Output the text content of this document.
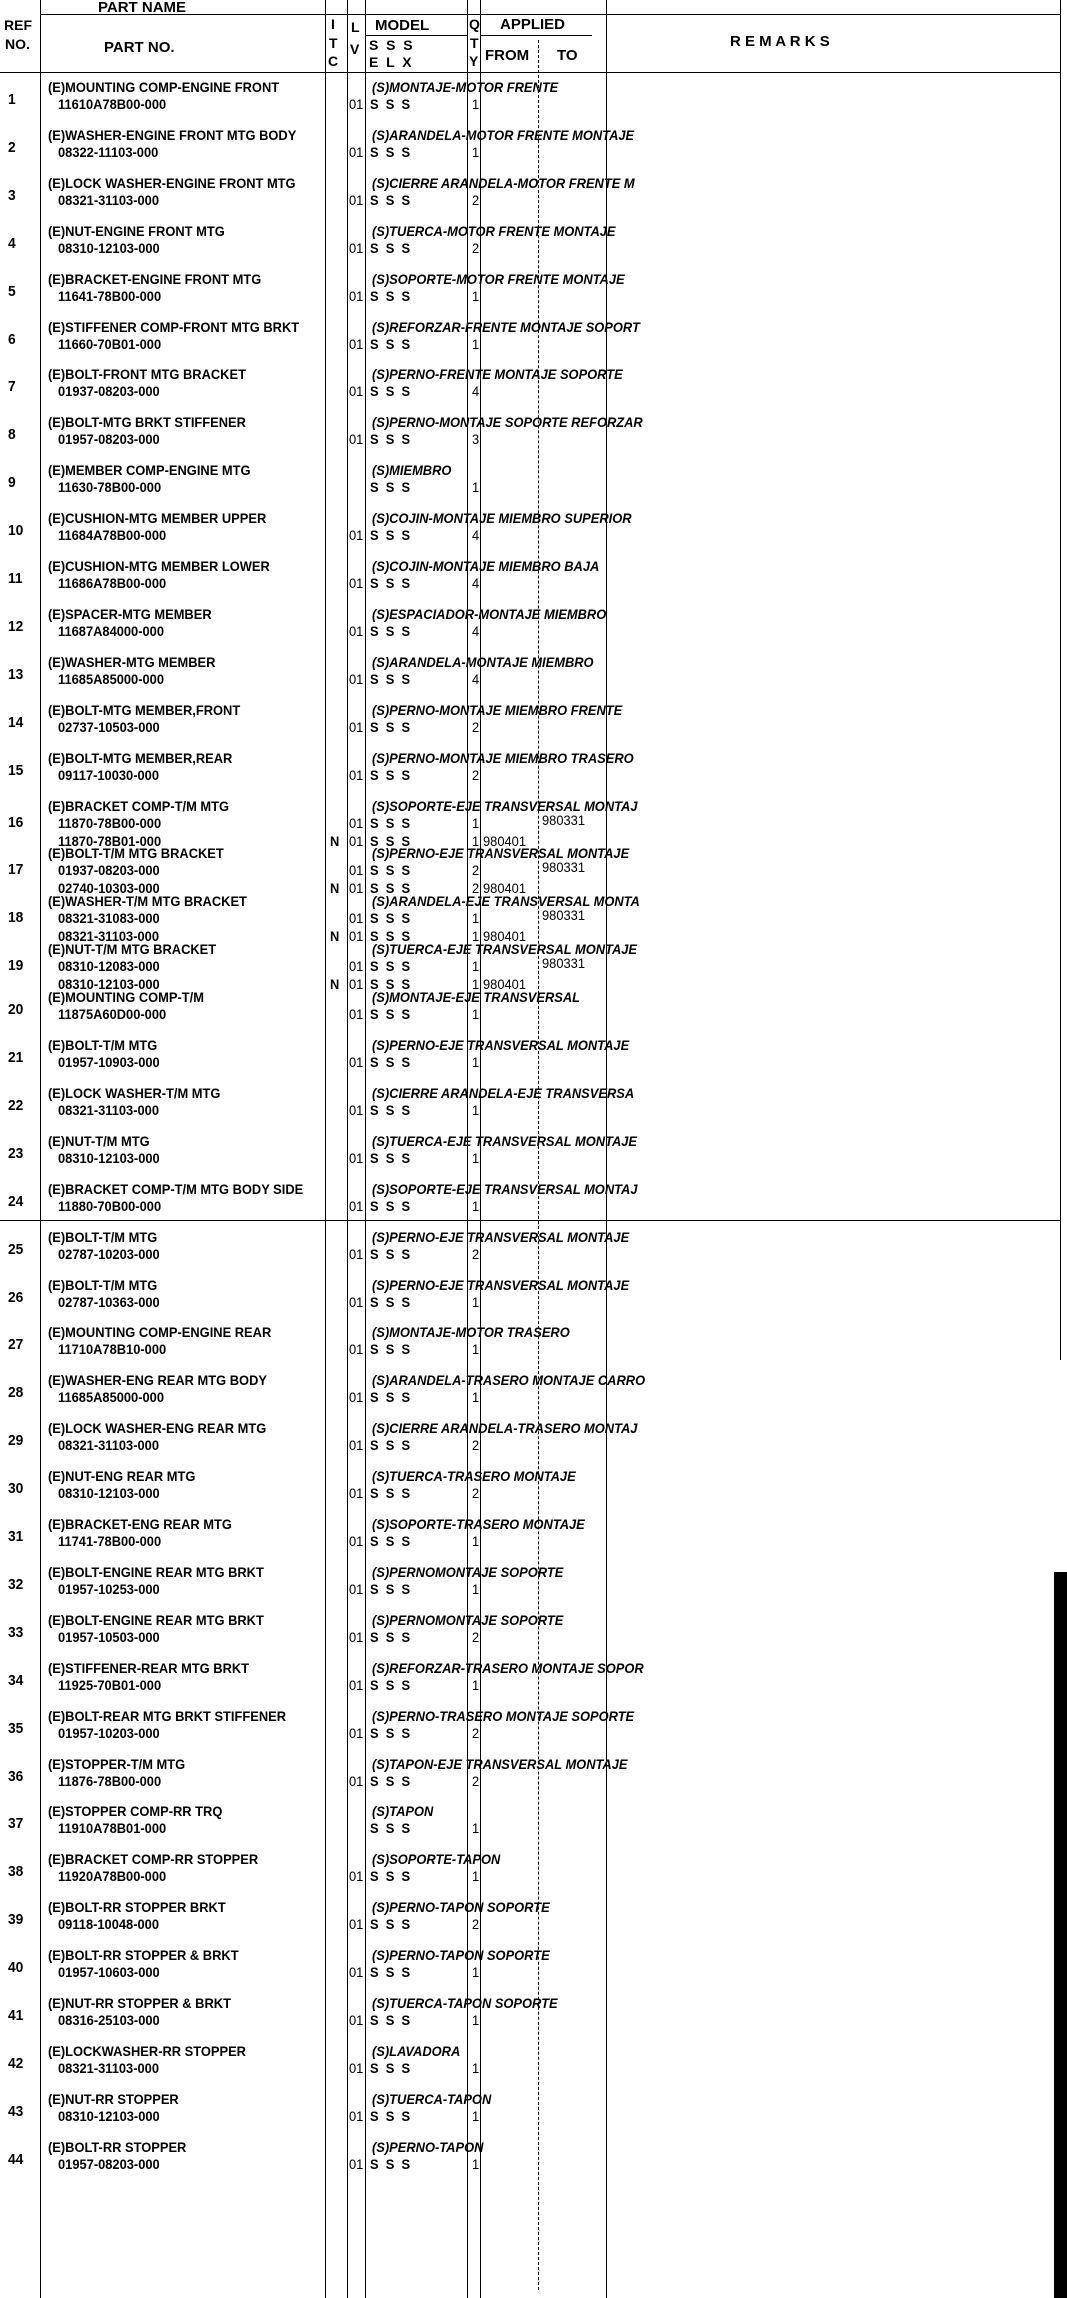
PART NAME
REF
NO.	PART NO.
I
T
C
L
V
MODEL
S  S  S
E  L  X
Q
T
Y
APPLIED
FROM TO
R E M A R K S
1
(E)MOUNTING COMP-ENGINE FRONT
11610A78B00-000
(S)MONTAJE-MOTOR FRENTE
01 S  S  S	1
2
(E)WASHER-ENGINE FRONT MTG BODY
08322-11103-000
(S)ARANDELA-MOTOR FRENTE MONTAJE
01 S  S  S	1
3
(E)LOCK WASHER-ENGINE FRONT MTG
08321-31103-000
(S)CIERRE ARANDELA-MOTOR FRENTE M
01 S  S  S	2
4
(E)NUT-ENGINE FRONT MTG
08310-12103-000
(S)TUERCA-MOTOR FRENTE MONTAJE
01 S  S  S	2
5
(E)BRACKET-ENGINE FRONT MTG
11641-78B00-000
(S)SOPORTE-MOTOR FRENTE MONTAJE
01 S  S  S	1
6
(E)STIFFENER COMP-FRONT MTG BRKT
11660-70B01-000
(S)REFORZAR-FRENTE MONTAJE SOPORT
01 S  S  S	1
7
(E)BOLT-FRONT MTG BRACKET
01937-08203-000
(S)PERNO-FRENTE MONTAJE SOPORTE
01 S  S  S	4
8
(E)BOLT-MTG BRKT STIFFENER
01957-08203-000
(S)PERNO-MONTAJE SOPORTE REFORZAR
01 S  S  S	3
9
(E)MEMBER COMP-ENGINE MTG
11630-78B00-000
(S)MIEMBRO
S  S  S	1
10
(E)CUSHION-MTG MEMBER UPPER
11684A78B00-000
(S)COJIN-MONTAJE MIEMBRO SUPERIOR
01 S  S  S	4
11
(E)CUSHION-MTG MEMBER LOWER
11686A78B00-000
(S)COJIN-MONTAJE MIEMBRO BAJA
01 S  S  S	4
12
(E)SPACER-MTG MEMBER
11687A84000-000
(S)ESPACIADOR-MONTAJE MIEMBRO
01 S  S  S	4
13
(E)WASHER-MTG MEMBER
11685A85000-000
(S)ARANDELA-MONTAJE MIEMBRO
01 S  S  S	4
14
(E)BOLT-MTG MEMBER,FRONT
02737-10503-000
(S)PERNO-MONTAJE MIEMBRO FRENTE
01 S  S  S	2
15
(E)BOLT-MTG MEMBER,REAR
09117-10030-000
(S)PERNO-MONTAJE MIEMBRO TRASERO
01 S  S  S	2
16
(E)BRACKET COMP-T/M MTG
11870-78B00-000
(S)SOPORTE-EJE TRANSVERSAL MONTAJ
01 S  S  S	1	980331
11870-78B01-000	N 01 S  S  S	1 980401
17
(E)BOLT-T/M MTG BRACKET
01937-08203-000
(S)PERNO-EJE TRANSVERSAL MONTAJE
01 S  S  S	2	980331
02740-10303-000	N 01 S  S  S	2 980401
18
(E)WASHER-T/M MTG BRACKET
08321-31083-000
(S)ARANDELA-EJE TRANSVERSAL MONTA
01 S  S  S	1	980331
08321-31103-000	N 01 S  S  S	1 980401
19
(E)NUT-T/M MTG BRACKET
08310-12083-000
(S)TUERCA-EJE TRANSVERSAL MONTAJE
01 S  S  S	1	980331
08310-12103-000	N 01 S  S  S	1 980401
20
(E)MOUNTING COMP-T/M
11875A60D00-000
(S)MONTAJE-EJE TRANSVERSAL
01 S  S  S	1
21
(E)BOLT-T/M MTG
01957-10903-000
(S)PERNO-EJE TRANSVERSAL MONTAJE
01 S  S  S	1
22
(E)LOCK WASHER-T/M MTG
08321-31103-000
(S)CIERRE ARANDELA-EJE TRANSVERSA
01 S  S  S	1
23
(E)NUT-T/M MTG
08310-12103-000
(S)TUERCA-EJE TRANSVERSAL MONTAJE
01 S  S  S	1
24
(E)BRACKET COMP-T/M MTG BODY SIDE
11880-70B00-000
(S)SOPORTE-EJE TRANSVERSAL MONTAJ
01 S  S  S	1
25
(E)BOLT-T/M MTG
02787-10203-000
(S)PERNO-EJE TRANSVERSAL MONTAJE
01 S  S  S	2
26
(E)BOLT-T/M MTG
02787-10363-000
(S)PERNO-EJE TRANSVERSAL MONTAJE
01 S  S  S	1
27
(E)MOUNTING COMP-ENGINE REAR
11710A78B10-000
(S)MONTAJE-MOTOR TRASERO
01 S  S  S	1
28
(E)WASHER-ENG REAR MTG BODY
11685A85000-000
(S)ARANDELA-TRASERO MONTAJE CARRO
01 S  S  S	1
29
(E)LOCK WASHER-ENG REAR MTG
08321-31103-000
(S)CIERRE ARANDELA-TRASERO MONTAJ
01 S  S  S	2
30
(E)NUT-ENG REAR MTG
08310-12103-000
(S)TUERCA-TRASERO MONTAJE
01 S  S  S	2
31
(E)BRACKET-ENG REAR MTG
11741-78B00-000
(S)SOPORTE-TRASERO MONTAJE
01 S  S  S	1
32
(E)BOLT-ENGINE REAR MTG BRKT
01957-10253-000
(S)PERNOMONTAJE SOPORTE
01 S  S  S	1
33
(E)BOLT-ENGINE REAR MTG BRKT
01957-10503-000
(S)PERNOMONTAJE SOPORTE
01 S  S  S	2
34
(E)STIFFENER-REAR MTG BRKT
11925-70B01-000
(S)REFORZAR-TRASERO MONTAJE SOPOR
01 S  S  S	1
35
(E)BOLT-REAR MTG BRKT STIFFENER
01957-10203-000
(S)PERNO-TRASERO MONTAJE SOPORTE
01 S  S  S	2
36
(E)STOPPER-T/M MTG
11876-78B00-000
(S)TAPON-EJE TRANSVERSAL MONTAJE
01 S  S  S	2
37
(E)STOPPER COMP-RR TRQ
11910A78B01-000
(S)TAPON
S  S  S	1
38
(E)BRACKET COMP-RR STOPPER
11920A78B00-000
(S)SOPORTE-TAPON
01 S  S  S	1
39
(E)BOLT-RR STOPPER BRKT
09118-10048-000
(S)PERNO-TAPON SOPORTE
01 S  S  S	2
40
(E)BOLT-RR STOPPER & BRKT
01957-10603-000
(S)PERNO-TAPON SOPORTE
01 S  S  S	1
41
(E)NUT-RR STOPPER & BRKT
08316-25103-000
(S)TUERCA-TAPON SOPORTE
01 S  S  S	1
42
(E)LOCKWASHER-RR STOPPER
08321-31103-000
(S)LAVADORA
01 S  S  S	1
43
(E)NUT-RR STOPPER
08310-12103-000
(S)TUERCA-TAPON
01 S  S  S	1
44
(E)BOLT-RR STOPPER
01957-08203-000
(S)PERNO-TAPON
01 S  S  S	1
